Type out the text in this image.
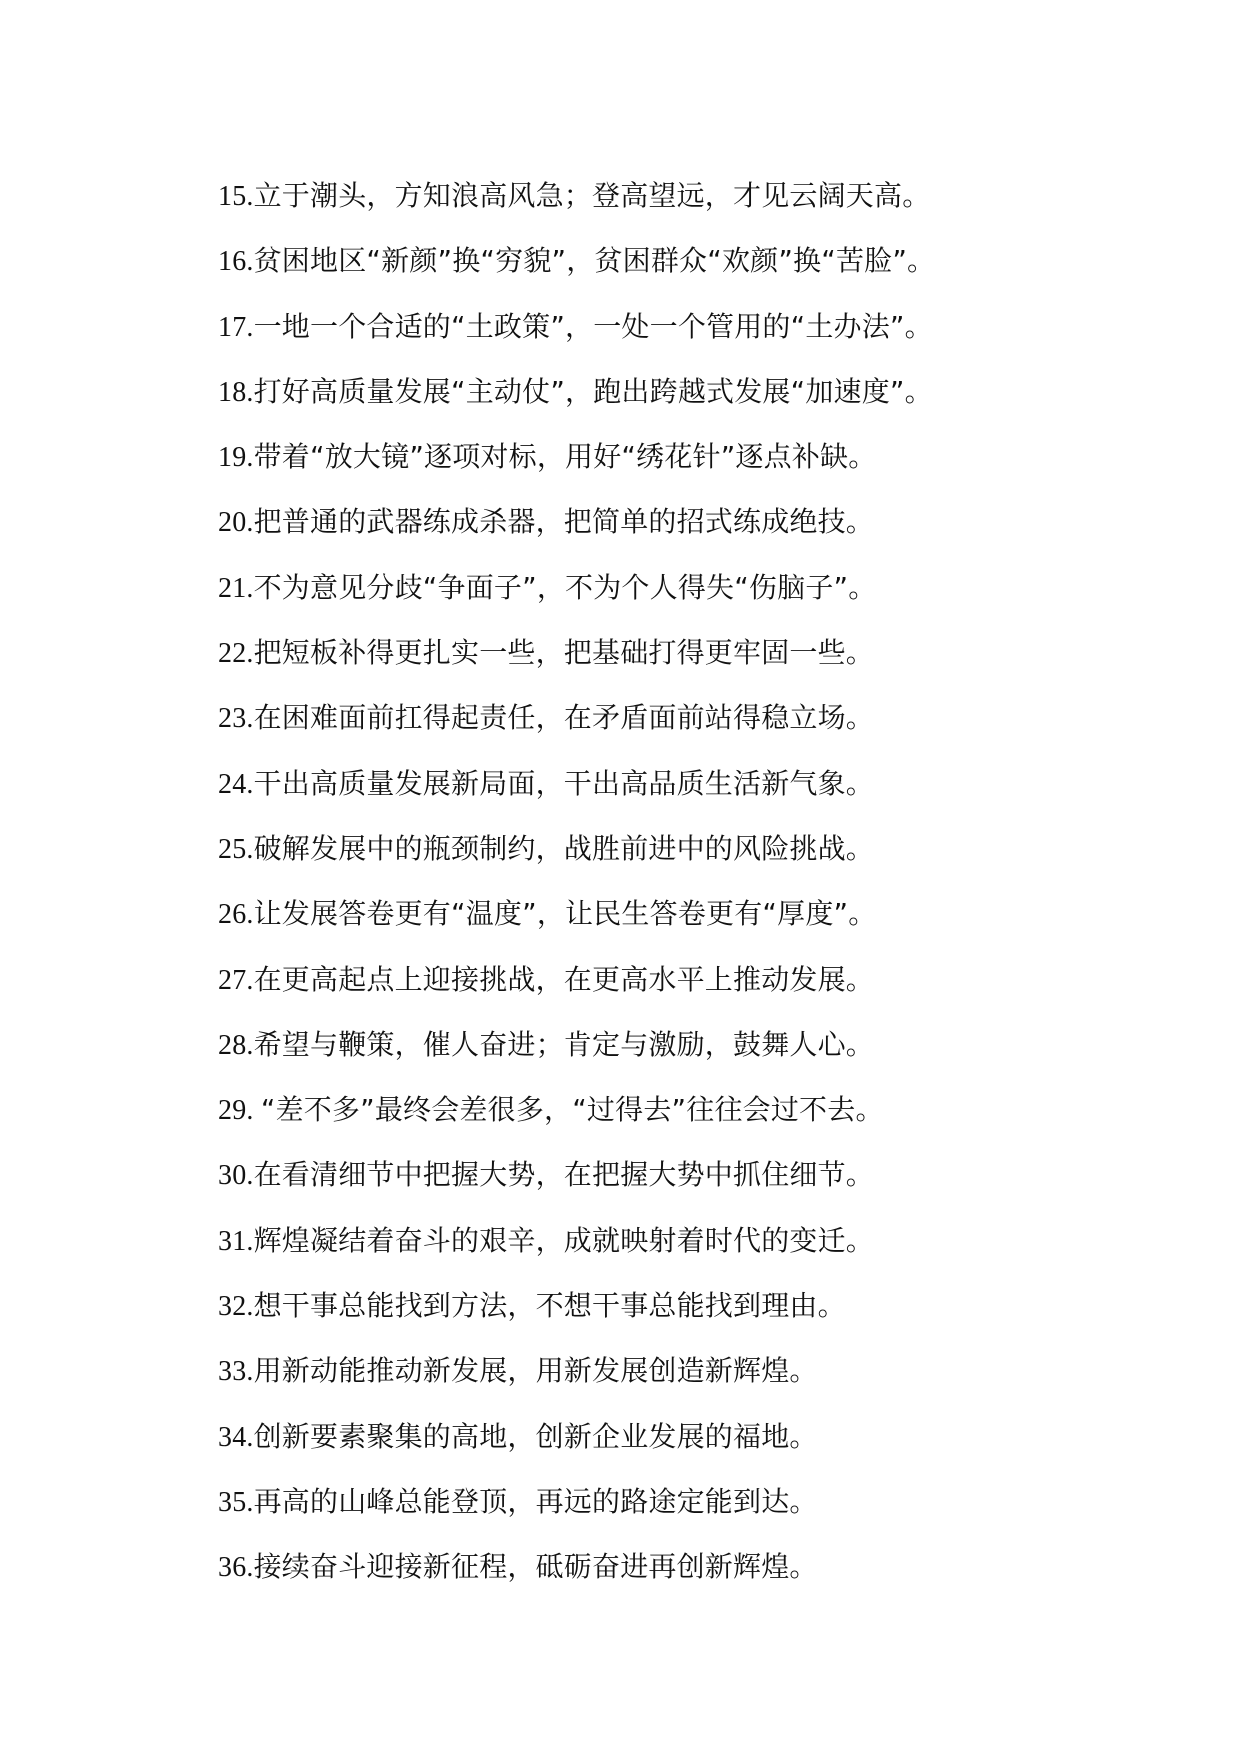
15.立于潮头，方知浪高风急；登高望远，才见云阔天高。
16.贫困地区“新颜”换“穷貌”，贫困群众“欢颜”换“苦脸”。
17.一地一个合适的“土政策”，一处一个管用的“土办法”。
18.打好高质量发展“主动仗”，跑出跨越式发展“加速度”。
19.带着“放大镜”逐项对标，用好“绣花针”逐点补缺。
20.把普通的武器练成杀器，把简单的招式练成绝技。
21.不为意见分歧“争面子”，不为个人得失“伤脑子”。
22.把短板补得更扎实一些，把基础打得更牢固一些。
23.在困难面前扛得起责任，在矛盾面前站得稳立场。
24.干出高质量发展新局面，干出高品质生活新气象。
25.破解发展中的瓶颈制约，战胜前进中的风险挑战。
26.让发展答卷更有“温度”，让民生答卷更有“厚度”。
27.在更高起点上迎接挑战，在更高水平上推动发展。
28.希望与鞭策，催人奋进；肯定与激励，鼓舞人心。
29. “差不多”最终会差很多，“过得去”往往会过不去。
30.在看清细节中把握大势，在把握大势中抓住细节。
31.辉煌凝结着奋斗的艰辛，成就映射着时代的变迁。
32.想干事总能找到方法，不想干事总能找到理由。
33.用新动能推动新发展，用新发展创造新辉煌。
34.创新要素聚集的高地，创新企业发展的福地。
35.再高的山峰总能登顶，再远的路途定能到达。
36.接续奋斗迎接新征程，砥砺奋进再创新辉煌。
